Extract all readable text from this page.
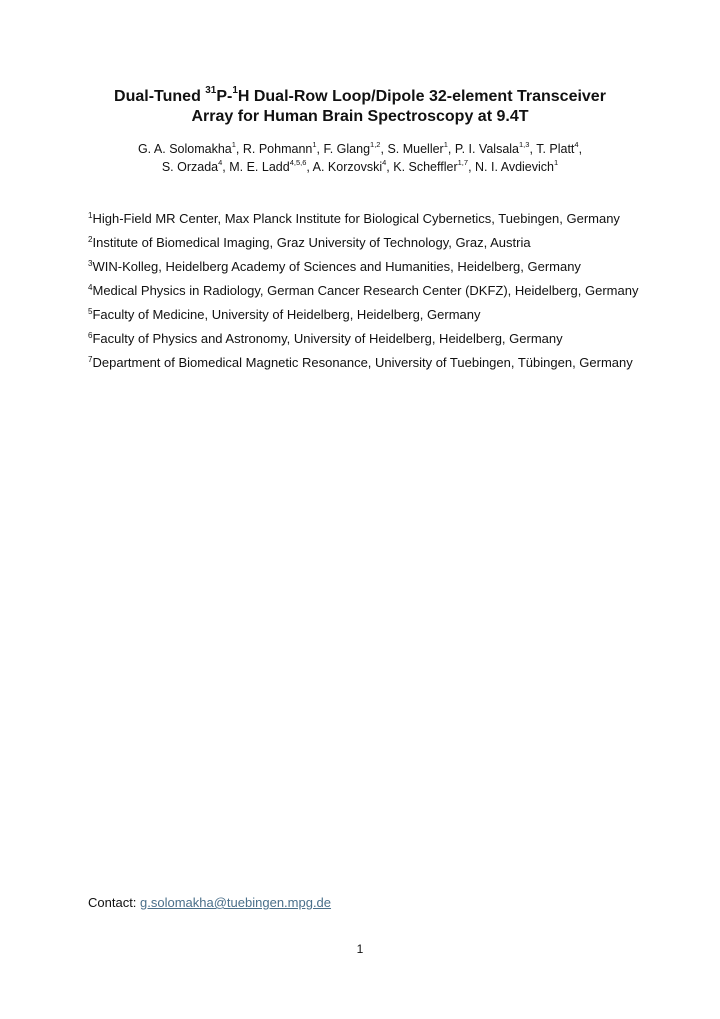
Dual-Tuned $^{31}$P-$^1$H Dual-Row Loop/Dipole 32-element Transceiver
Array for Human Brain Spectroscopy at 9.4T
G. A. Solomakha$^1$, R. Pohmann$^1$, F. Glang$^{1,2}$, S. Mueller$^1$, P. I. Valsala$^{1,3}$, T. Platt$^4$,
S. Orzada$^4$, M. E. Ladd$^{4,5,6}$, A. Korzovski$^4$, K. Scheffler$^{1,7}$, N. I. Avdievich$^1$
$^1$High-Field MR Center, Max Planck Institute for Biological Cybernetics, Tuebingen, Germany
$^2$Institute of Biomedical Imaging, Graz University of Technology, Graz, Austria
$^3$WIN-Kolleg, Heidelberg Academy of Sciences and Humanities, Heidelberg, Germany
$^4$Medical Physics in Radiology, German Cancer Research Center (DKFZ), Heidelberg, Germany
$^5$Faculty of Medicine, University of Heidelberg, Heidelberg, Germany
$^6$Faculty of Physics and Astronomy, University of Heidelberg, Heidelberg, Germany
$^7$Department of Biomedical Magnetic Resonance, University of Tuebingen, Tübingen, Germany
Contact: g.solomakha@tuebingen.mpg.de
1
